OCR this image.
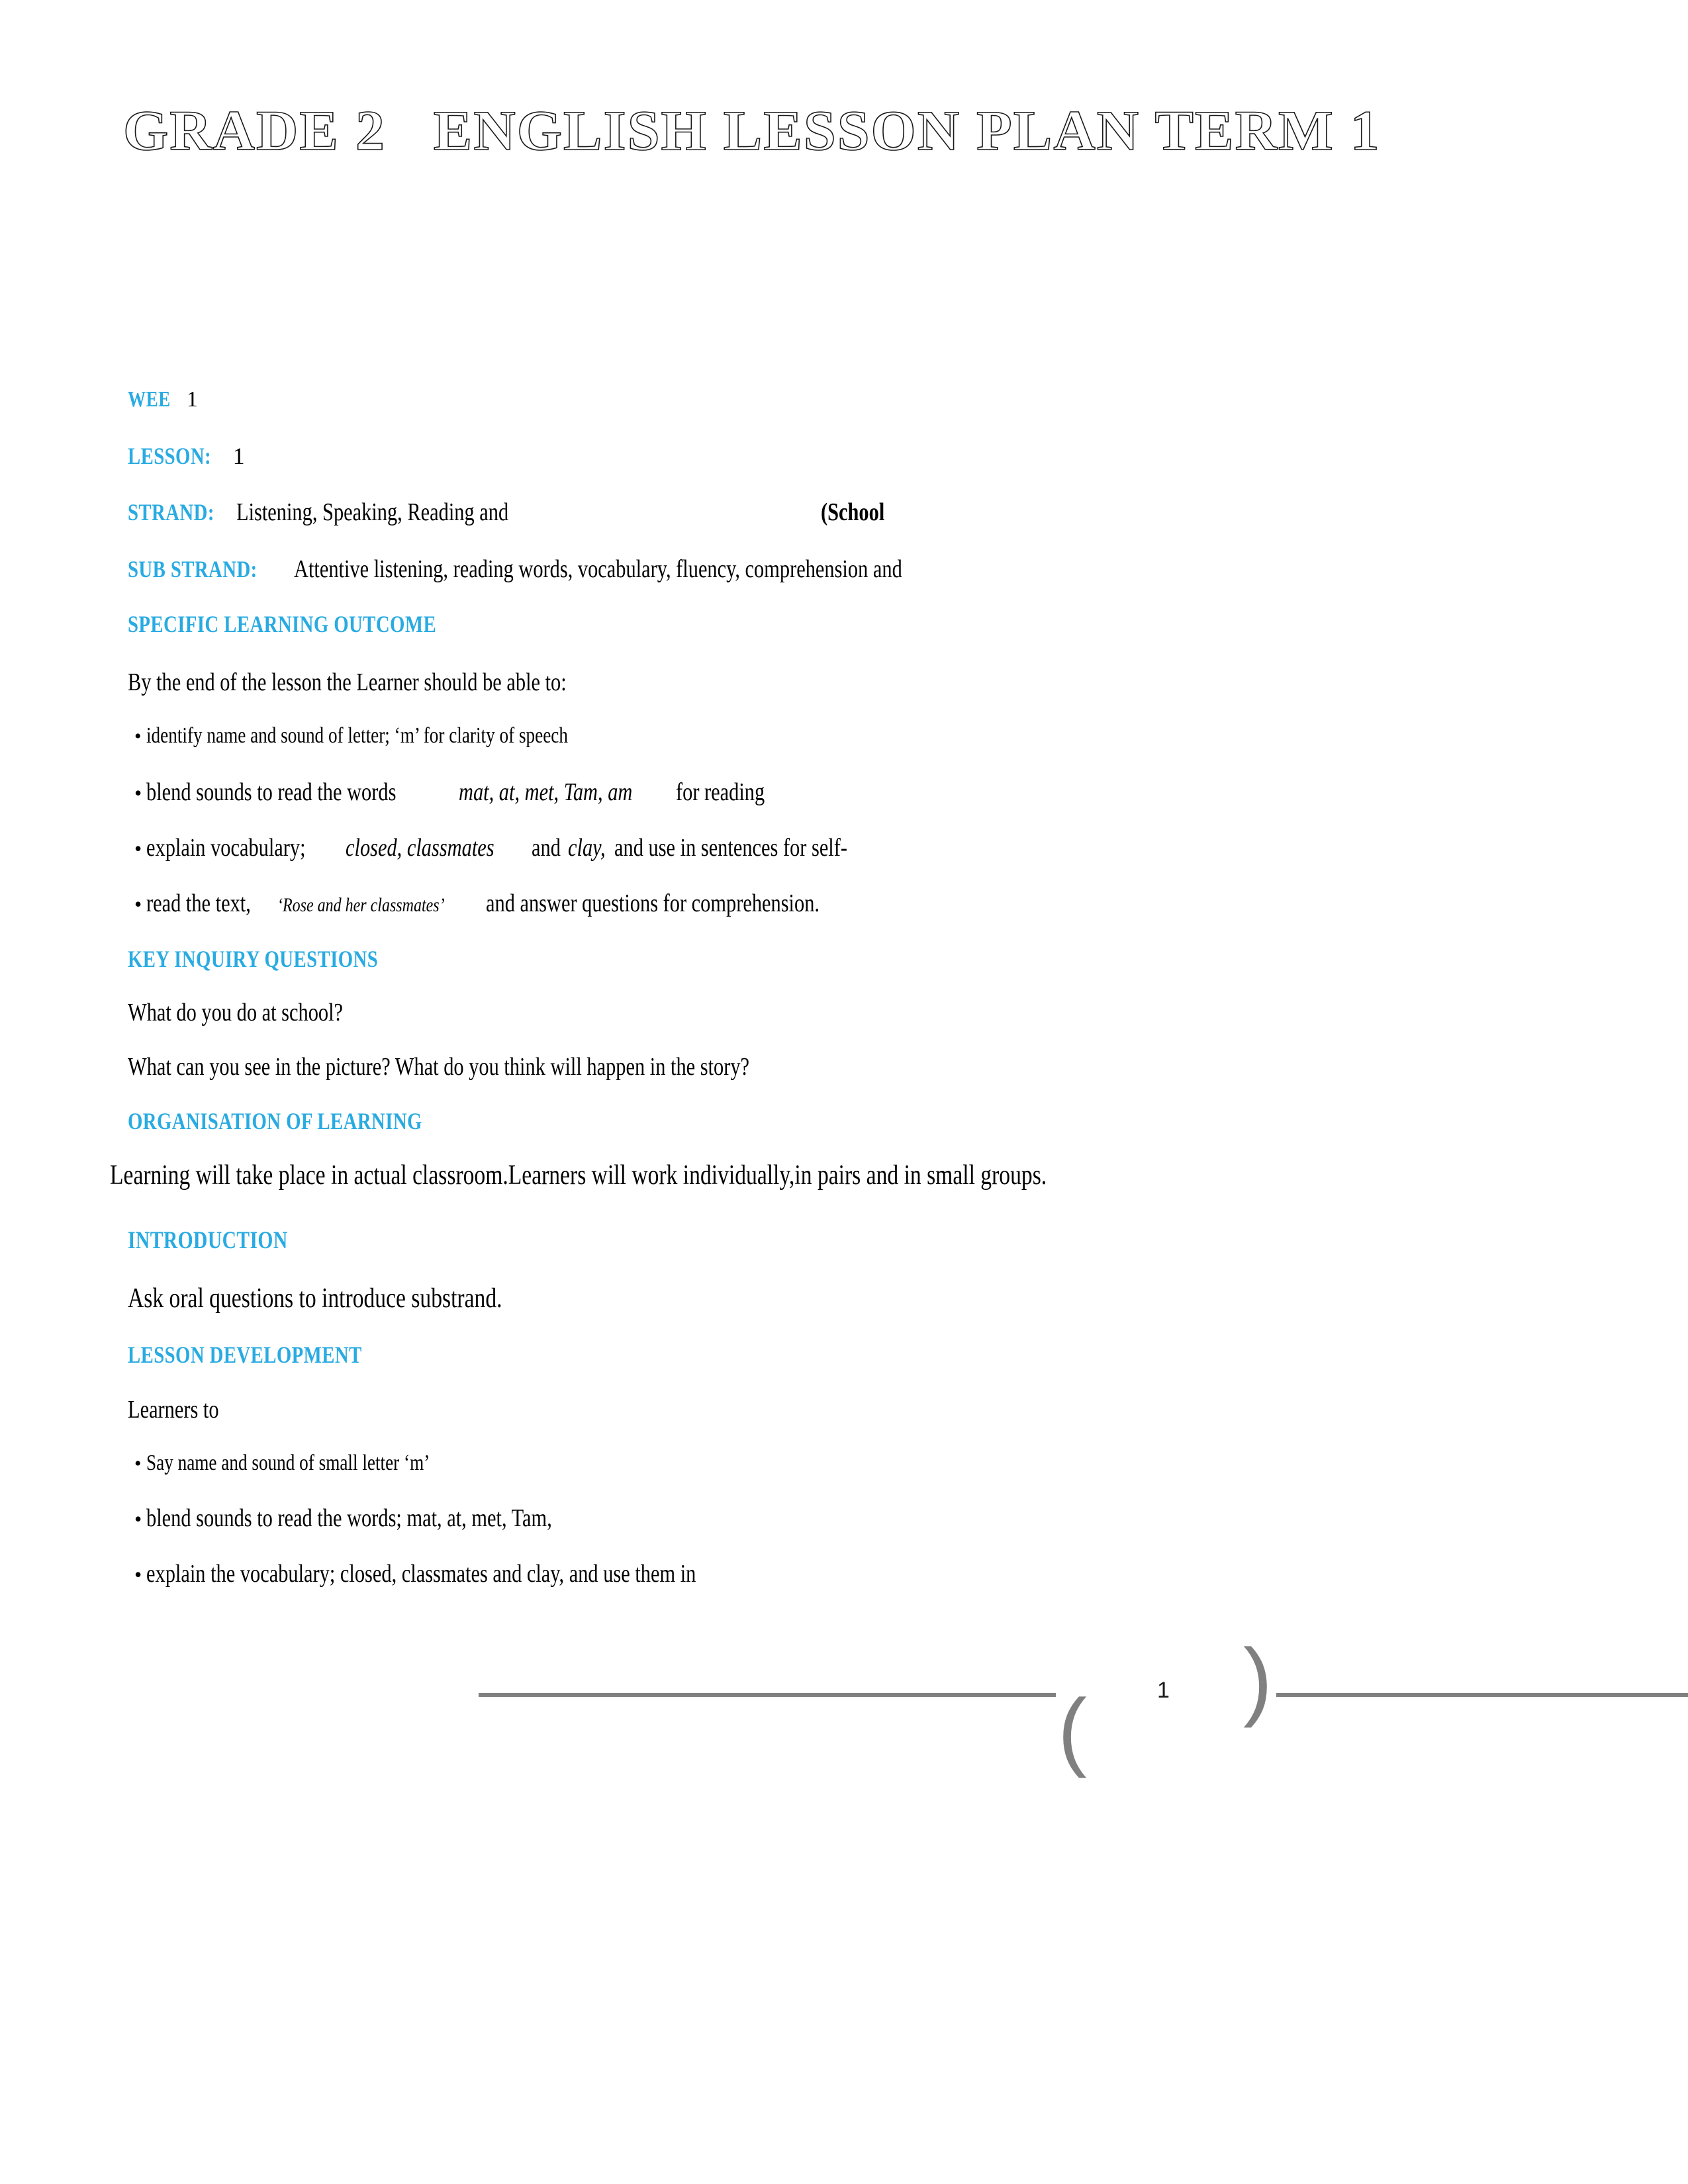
GRADE 2   ENGLISH LESSON PLAN TERM 1
WEE 1
LESSON: 1
STRAND: Listening, Speaking, Reading and	(School
SUB STRAND: Attentive listening, reading words, vocabulary, fluency, comprehension and
SPECIFIC LEARNING OUTCOME
By the end of the lesson the Learner should be able to:
• identify name and sound of letter; ‘m’ for clarity of speech
• blend sounds to read the wordsmat, at, met, Tam, amfor reading
• explain vocabulary;closed, classmatesandclay,and use in sentences for self-
• read the text,‘Rose and her classmates’and answer questions for comprehension.
KEY INQUIRY QUESTIONS
What do you do at school?
What can you see in the picture? What do you think will happen in the story?
ORGANISATION OF LEARNING
Learning will take place in actual classroom.Learners will work individually,in pairs and in small groups.
INTRODUCTION
Ask oral questions to introduce substrand.
LESSON DEVELOPMENT
Learners to
• Say name and sound of small letter ‘m’
• blend sounds to read the words; mat, at, met, Tam,
• explain the vocabulary; closed, classmates and clay, and use them in
1 )
(
